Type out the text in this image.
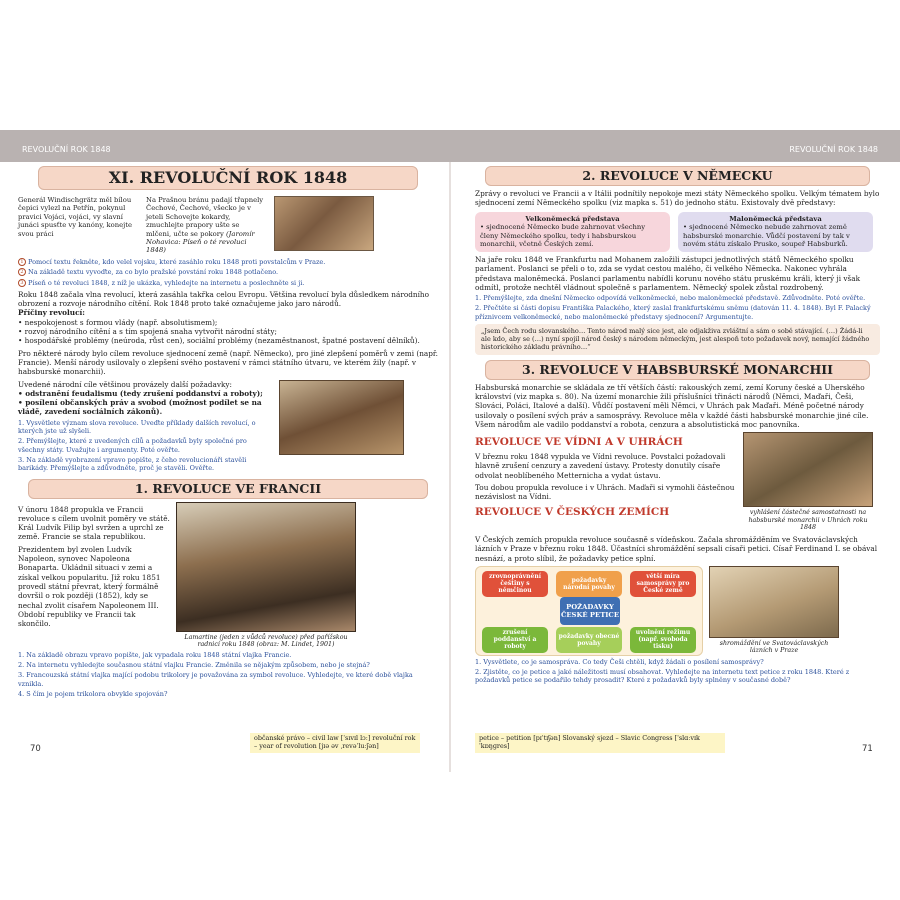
REVOLUČNÍ ROK 1848	REVOLUČNÍ ROK 1848
XI. REVOLUČNÍ ROK 1848
Generál Windischgrätz měl bílou čepici vylezl na Petřín, pokynul pravici Vojáci, vojáci, vy slavní junáci spusťte vy kanóny, konejte svou práci
Na Prašnou bránu padají třapnely Čechové, Čechové, všecko je v jeteli Schovejte kokardy, zmuchlejte prapory ušte se mlčeni, učte se pokory (Jaromír Nohavica: Píseň o té revoluci 1848)
1 Pomocí textu řekněte, kdo velel vojsku, které zasáhlo roku 1848 proti povstalcům v Praze.
2 Na základě textu vyvoďte, za co bylo pražské povstání roku 1848 potlačeno.
3 Píseň o té revoluci 1848, z níž je ukázka, vyhledejte na internetu a poslechněte si ji.

Roku 1848 začala vlna revolucí, která zasáhla takřka celou Evropu. Většina revolucí byla důsledkem národního obrození a rozvoje národního cítění. Rok 1848 proto také označujeme jako jaro národů.

Příčiny revolucí:
• nespokojenost s formou vlády (např. absolutismem);
• rozvoj národního cítění a s tím spojená snaha vytvořit národní státy;
• hospodářské problémy (neúroda, růst cen), sociální problémy (nezaměstnanost, špatné postavení dělníků).

Pro některé národy bylo cílem revoluce sjednocení země (např. Německo), pro jiné zlepšení poměrů v zemi (např. Francie). Menší národy usilovaly o zlepšení svého postavení v rámci státního útvaru, ve kterém žily (např. v habsburské monarchii).

Uvedené národní cíle většinou provázely další požadavky:
• odstranění feudalismu (tedy zrušení poddanství a roboty);
• posílení občanských práv a svobod (možnost podílet se na vládě, zavedení sociálních zákonů).
1. Vysvětlete význam slova revoluce. Uveďte příklady dalších revolucí, o kterých jste už slyšeli.
2. Přemýšlejte, které z uvedených cílů a požadavků byly společné pro všechny státy. Uvažujte i argumenty. Poté ověřte.
3. Na základě vyobrazení vpravo popište, z čeho revolucionáři stavěli barikády. Přemýšlejte a zdůvodněte, proč je stavěli. Ověřte.
1. REVOLUCE VE FRANCII

V únoru 1848 propukla ve Francii revoluce s cílem uvolnit poměry ve státě. Král Ludvík Filip byl svržen a uprchl ze země. Francie se stala republikou.

Prezidentem byl zvolen Ludvík Napoleon, synovec Napoleona Bonaparta. Ukládnil situaci v zemi a získal velkou popularitu. Již roku 1851 provedl státní převrat, který formálně dovršil o rok později (1852), kdy se nechal zvolit císařem Napoleonem III. Období republiky ve Francii tak skončilo.

Lamartine (jeden z vůdců revoluce) před pařížskou radnicí roku 1848 (obraz: M. Lindet, 1901)
1. Na základě obrazu vpravo popište, jak vypadala roku 1848 státní vlajka Francie.
2. Na internetu vyhledejte současnou státní vlajku Francie. Změnila se nějakým způsobem, nebo je stejná?
3. Francouzská státní vlajka mající podobu trikolory je považována za symbol revoluce. Vyhledejte, ve které době vlajka vznikla.
4. S čím je pojem trikolora obvykle spojován?
občanské právo – civil law [ˈsɪvɪl lɔː] revoluční rok – year of revolution [jɪə əv ˌrevəˈluːʃən]
70
2. REVOLUCE V NĚMECKU

Zprávy o revoluci ve Francii a v Itálii podnítily nepokoje mezi státy Německého spolku. Velkým tématem bylo sjednocení zemí Německého spolku (viz mapka s. 51) do jednoho státu. Existovaly dvě představy:

Velkoněmecká představa
• sjednocené Německo bude zahrnovat všechny členy Německého spolku, tedy i habsburskou monarchii, včetně Českých zemí.
Maloněmecká představa
• sjednocené Německo nebude zahrnovat země habsburské monarchie. Vůdčí postavení by tak v novém státu získalo Prusko, soupeř Habsburků.

Na jaře roku 1848 ve Frankfurtu nad Mohanem založili zástupci jednotlivých států Německého spolku parlament. Poslanci se přeli o to, zda se vydat cestou malého, či velkého Německa. Nakonec vyhrála představa maloněmecká. Poslanci parlamentu nabídli korunu nového státu pruskému králi, který ji však odmítl, protože nechtěl vládnout společně s parlamentem. Německý spolek zůstal rozdrobený.

1. Přemýšlejte, zda dnešní Německo odpovídá velkoněmecké, nebo maloněmecké představě. Zdůvodněte. Poté ověřte.
2. Přečtěte si části dopisu Františka Palackého, který zaslal frankfurtskému sněmu (datován 11. 4. 1848). Byl F. Palacký příznivcem velkoněmecké, nebo maloněmecké představy sjednocení? Argumentujte.
„Jsem Čech rodu slovanského… Tento národ malý sice jest, ale odjakživa zvláštní a sám o sobě stávající. (…) Žádá-li ale kdo, aby se (…) nyní spojil národ český s národem německým, jest alespoň toto požadavek nový, nemající žádného historického základu právního…“
3. REVOLUCE V HABSBURSKÉ MONARCHII

Habsburská monarchie se skládala ze tří větších částí: rakouských zemí, zemí Koruny české a Uherského království (viz mapka s. 80). Na území monarchie žili příslušníci třinácti národů (Němci, Maďaři, Češi, Slováci, Poláci, Italové a další). Vůdčí postavení měli Němci, v Uhrách pak Maďaři. Méně početné národy usilovaly o posílení svých práv a samosprávy. Revoluce měla v každé části habsburské monarchie jiné cíle. Všem národům ale vadilo poddanství a robota, cenzura a absolutistická moc panovníka.

REVOLUCE VE VÍDNI A V UHRÁCH

V březnu roku 1848 vypukla ve Vídni revoluce. Povstalci požadovali hlavně zrušení cenzury a zavedení ústavy. Protesty donutily císaře odvolat neoblíbeného Metternicha a vydat ústavu.

Tou dobou propukla revoluce i v Uhrách. Maďaři si vymohli částečnou nezávislost na Vídni.

REVOLUCE V ČESKÝCH ZEMÍCH	vyhlášení částečné samostatnosti na habsburské monarchii v Uhrách roku 1848

V Českých zemích propukla revoluce současně s vídeňskou. Začala shromážděním ve Svatováclavských lázních v Praze v březnu roku 1848. Účastníci shromáždění sepsali císaři petici. Císař Ferdinand I. se obával nesnází, a proto slíbil, že požadavky petice splní.

zrovnoprávnění češtiny s němčinou
požadavky národní povahy
větší míra samosprávy pro České země
POŽADAVKY ČESKÉ PETICE
zrušení poddanství a roboty
požadavky obecné povahy
uvolnění režimu (např. svoboda tisku)
shromáždění ve Svatováclavských lázních v Praze
1. Vysvětlete, co je samospráva. Co tedy Češi chtěli, když žádali o posílení samosprávy?
2. Zjistěte, co je petice a jaké náležitosti musí obsahovat. Vyhledejte na internetu text petice z roku 1848. Které z požadavků petice se podařilo tehdy prosadit? Které z požadavků byly splněny v současné době?
petice – petition [pɪˈtɪʃən] Slovanský sjezd – Slavic Congress [ˈslɑːvɪk ˈkɒŋɡres]	71
